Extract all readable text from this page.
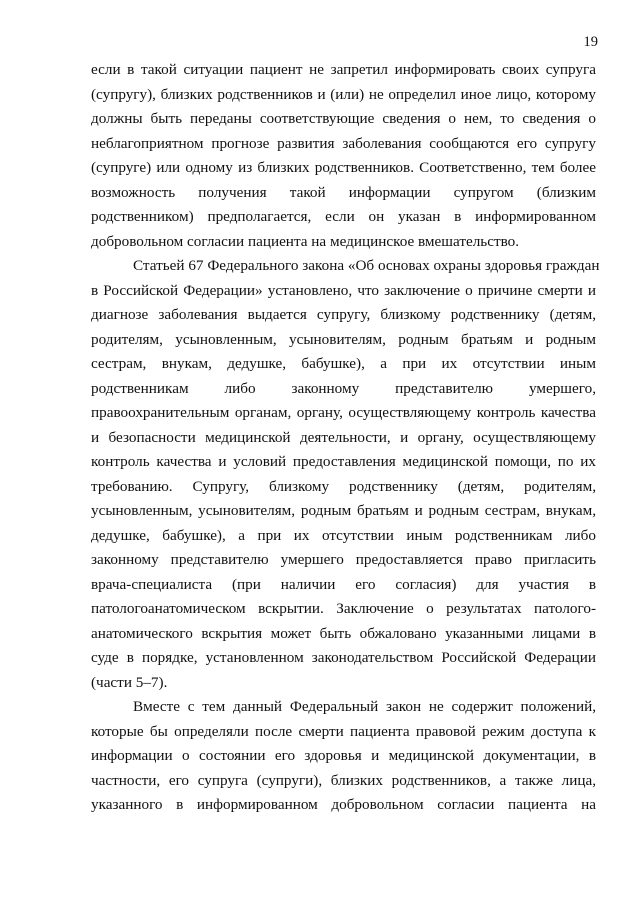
19
если в такой ситуации пациент не запретил информировать своих супруга
(супругу), близких родственников и (или) не определил иное лицо, которому
должны быть переданы соответствующие сведения о нем, то сведения о
неблагоприятном прогнозе развития заболевания сообщаются его супругу
(супруге) или одному из близких родственников. Соответственно, тем более
возможность получения такой информации супругом (близким
родственником) предполагается, если он указан в информированном
добровольном согласии пациента на медицинское вмешательство.
Статьей 67 Федерального закона «Об основах охраны здоровья граждан
в Российской Федерации» установлено, что заключение о причине смерти и
диагнозе заболевания выдается супругу, близкому родственнику (детям,
родителям, усыновленным, усыновителям, родным братьям и родным
сестрам, внукам, дедушке, бабушке), а при их отсутствии иным
родственникам либо законному представителю умершего,
правоохранительным органам, органу, осуществляющему контроль качества
и безопасности медицинской деятельности, и органу, осуществляющему
контроль качества и условий предоставления медицинской помощи, по их
требованию. Супругу, близкому родственнику (детям, родителям,
усыновленным, усыновителям, родным братьям и родным сестрам, внукам,
дедушке, бабушке), а при их отсутствии иным родственникам либо
законному представителю умершего предоставляется право пригласить
врача-специалиста (при наличии его согласия) для участия в
патологоанатомическом вскрытии. Заключение о результатах патолого-
анатомического вскрытия может быть обжаловано указанными лицами в
суде в порядке, установленном законодательством Российской Федерации
(части 5–7).
Вместе с тем данный Федеральный закон не содержит положений,
которые бы определяли после смерти пациента правовой режим доступа к
информации о состоянии его здоровья и медицинской документации, в
частности, его супруга (супруги), близких родственников, а также лица,
указанного в информированном добровольном согласии пациента на
